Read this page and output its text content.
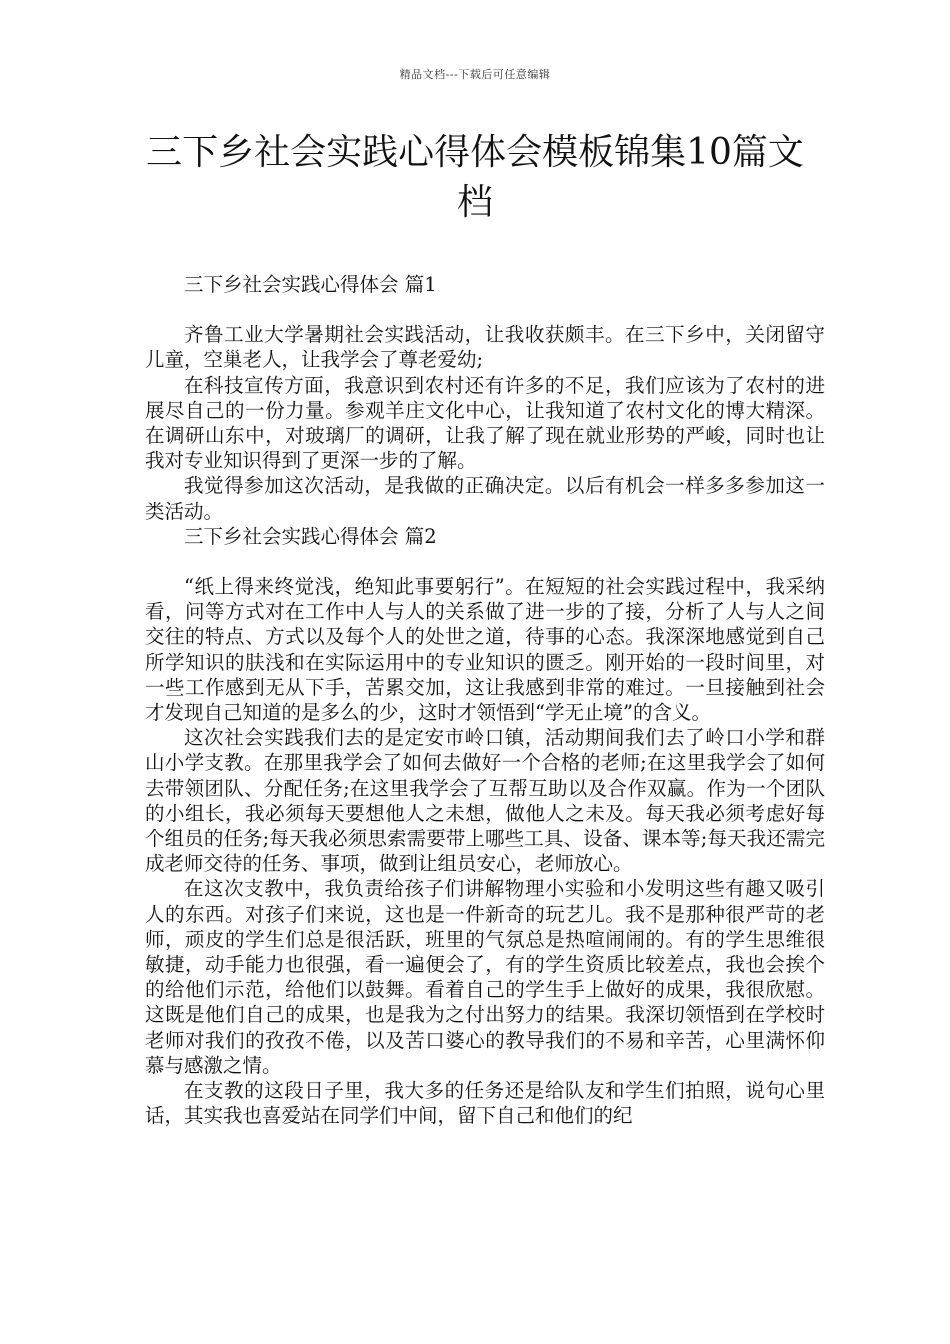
精品文档---下载后可任意编辑
三下乡社会实践心得体会模板锦集10篇文档

三下乡社会实践心得体会 篇1

齐鲁工业大学暑期社会实践活动，让我收获颇丰。在三下乡中，关闭留守儿童，空巢老人，让我学会了尊老爱幼;

在科技宣传方面，我意识到农村还有许多的不足，我们应该为了农村的进展尽自己的一份力量。参观羊庄文化中心，让我知道了农村文化的博大精深。在调研山东中，对玻璃厂的调研，让我了解了现在就业形势的严峻，同时也让我对专业知识得到了更深一步的了解。

我觉得参加这次活动，是我做的正确决定。以后有机会一样多多参加这一类活动。

三下乡社会实践心得体会 篇2

“纸上得来终觉浅，绝知此事要躬行”。在短短的社会实践过程中，我采纳看，问等方式对在工作中人与人的关系做了进一步的了接，分析了人与人之间交往的特点、方式以及每个人的处世之道，待事的心态。我深深地感觉到自己所学知识的肤浅和在实际运用中的专业知识的匮乏。刚开始的一段时间里，对一些工作感到无从下手，苦累交加，这让我感到非常的难过。一旦接触到社会才发现自己知道的是多么的少，这时才领悟到“学无止境”的含义。

这次社会实践我们去的是定安市岭口镇，活动期间我们去了岭口小学和群山小学支教。在那里我学会了如何去做好一个合格的老师;在这里我学会了如何去带领团队、分配任务;在这里我学会了互帮互助以及合作双赢。作为一个团队的小组长，我必须每天要想他人之未想，做他人之未及。每天我必须考虑好每个组员的任务;每天我必须思索需要带上哪些工具、设备、课本等;每天我还需完成老师交待的任务、事项，做到让组员安心，老师放心。

在这次支教中，我负责给孩子们讲解物理小实验和小发明这些有趣又吸引人的东西。对孩子们来说，这也是一件新奇的玩艺儿。我不是那种很严苛的老师，顽皮的学生们总是很活跃，班里的气氛总是热喧闹闹的。有的学生思维很敏捷，动手能力也很强，看一遍便会了，有的学生资质比较差点，我也会挨个的给他们示范，给他们以鼓舞。看着自己的学生手上做好的成果，我很欣慰。这既是他们自己的成果，也是我为之付出努力的结果。我深切领悟到在学校时老师对我们的孜孜不倦，以及苦口婆心的教导我们的不易和辛苦，心里满怀仰慕与感激之情。

在支教的这段日子里，我大多的任务还是给队友和学生们拍照，说句心里话，其实我也喜爱站在同学们中间，留下自己和他们的纪
